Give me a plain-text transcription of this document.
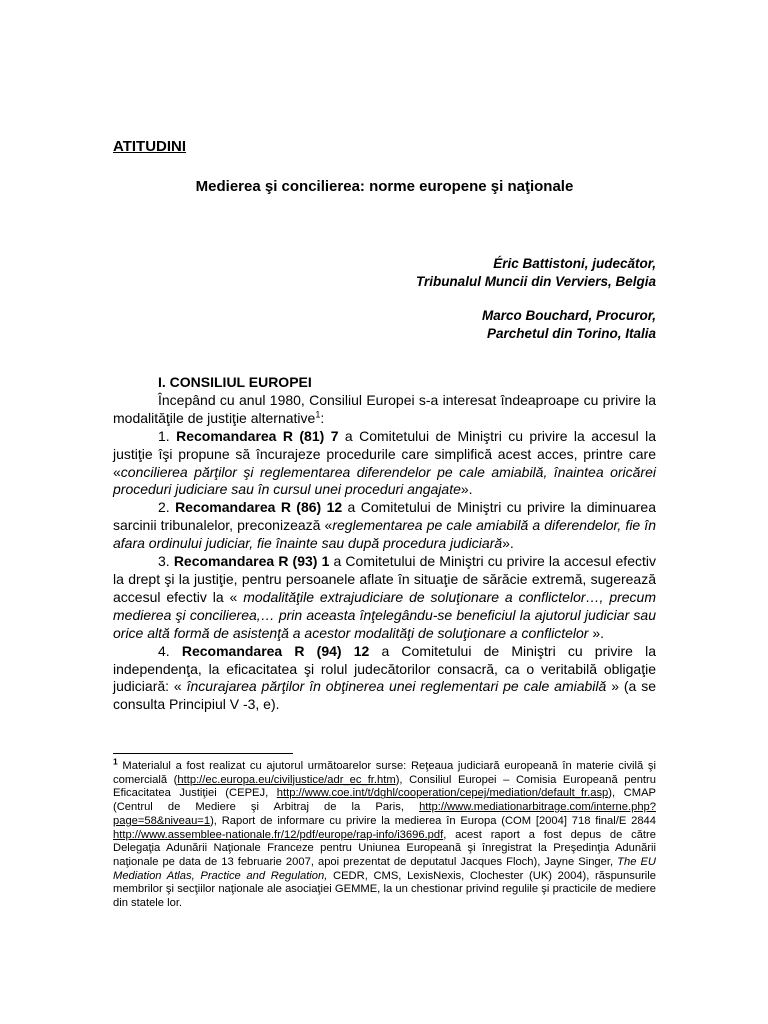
ATITUDINI
Medierea şi concilierea: norme europene şi naţionale
Éric Battistoni, judecător,
Tribunalul Muncii din Verviers, Belgia
Marco Bouchard, Procuror,
Parchetul din Torino, Italia

I. CONSILIUL EUROPEI

Începând cu anul 1980, Consiliul Europei s-a interesat îndeaproape cu privire la modalităţile de justiţie alternative$^1$:

1. Recomandarea R (81) 7 a Comitetului de Miniştri cu privire la accesul la justiţie îşi propune să încurajeze procedurile care simplifică acest acces, printre care «concilierea părţilor şi reglementarea diferendelor pe cale amiabilă, înaintea oricărei proceduri judiciare sau în cursul unei proceduri angajate».

2. Recomandarea R (86) 12 a Comitetului de Miniştri cu privire la diminuarea sarcinii tribunalelor, preconizează «reglementarea pe cale amiabilă a diferendelor, fie în afara ordinului judiciar, fie înainte sau după procedura judiciară».

3. Recomandarea R (93) 1 a Comitetului de Miniştri cu privire la accesul efectiv la drept şi la justiţie, pentru persoanele aflate în situaţie de sărăcie extremă, sugerează accesul efectiv la « modalităţile extrajudiciare de soluţionare a conflictelor…, precum medierea şi concilierea,… prin aceasta înţelegându-se beneficiul la ajutorul judiciar sau orice altă formă de asistenţă a acestor modalităţi de soluţionare a conflictelor ».

4. Recomandarea R (94) 12 a Comitetului de Miniştri cu privire la independenţa, la eficacitatea şi rolul judecătorilor consacră, ca o veritabilă obligaţie judiciară: « încurajarea părţilor în obţinerea unei reglementari pe cale amiabilă » (a se consulta Principiul V -3, e).

$^1$ Materialul a fost realizat cu ajutorul următoarelor surse: Reţeaua judiciară europeană în materie civilă şi comercială (http://ec.europa.eu/civiljustice/adr_ec_fr.htm), Consiliul Europei – Comisia Europeană pentru Eficacitatea Justiţiei (CEPEJ, http://www.coe.int/t/dghl/cooperation/cepej/mediation/default_fr.asp), CMAP (Centrul de Mediere şi Arbitraj de la Paris, http://www.mediationarbitrage.com/interne.php?page=58&niveau=1), Raport de informare cu privire la medierea în Europa (COM [2004] 718 final/E 2844 http://www.assemblee-nationale.fr/12/pdf/europe/rap-info/i3696.pdf, acest raport a fost depus de către Delegaţia Adunării Naţionale Franceze pentru Uniunea Europeană şi înregistrat la Preşedinţia Adunării naţionale pe data de 13 februarie 2007, apoi prezentat de deputatul Jacques Floch), Jayne Singer, The EU Mediation Atlas, Practice and Regulation, CEDR, CMS, LexisNexis, Clochester (UK) 2004), răspunsurile membrilor şi secţiilor naţionale ale asociaţiei GEMME, la un chestionar privind regulile şi practicile de mediere din statele lor.
